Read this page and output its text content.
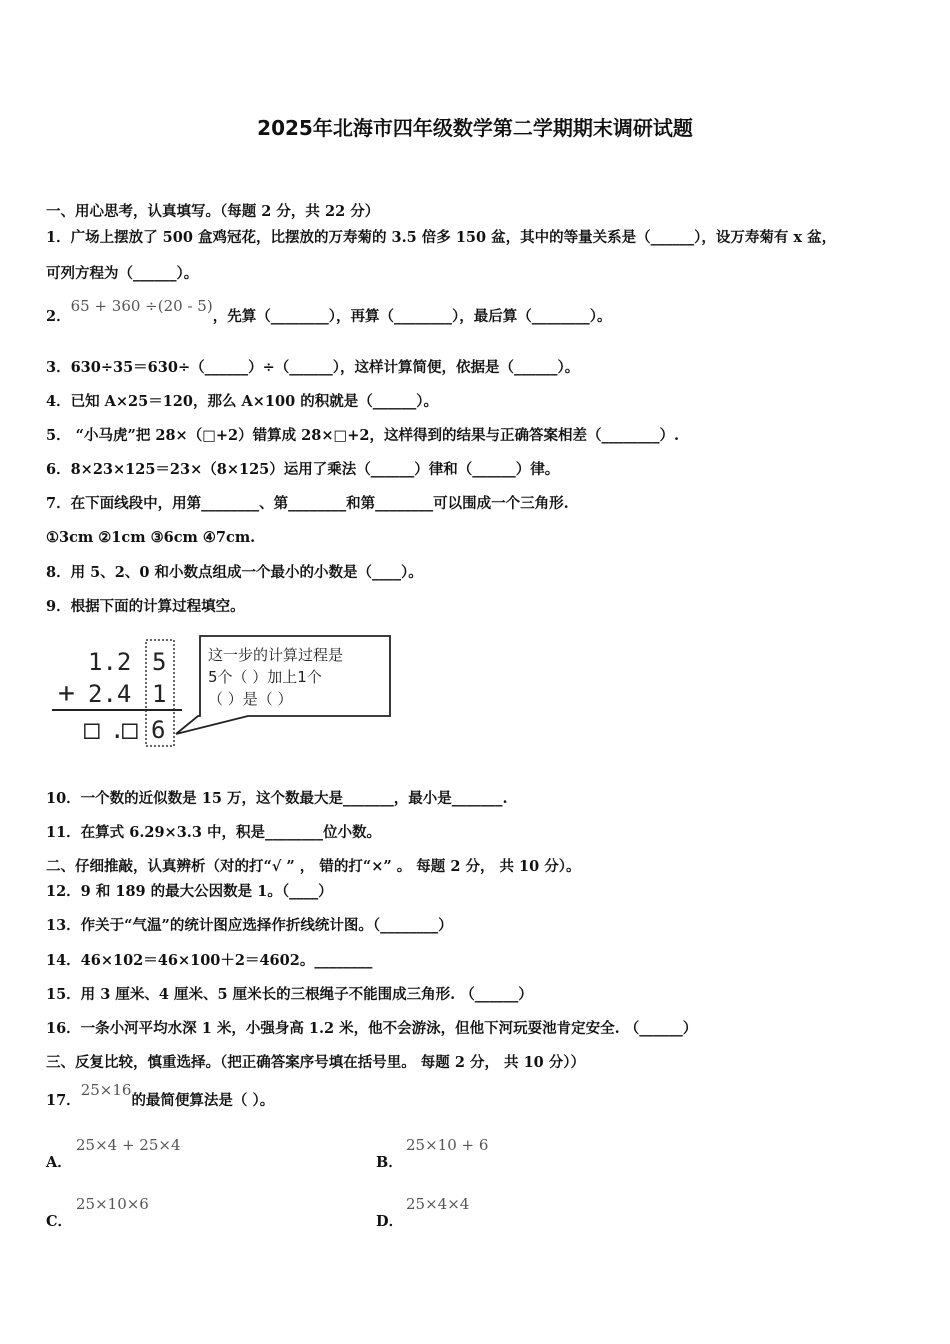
2025年北海市四年级数学第二学期期末调研试题
一、用心思考，认真填写。（每题 2 分，共 22 分）
1．广场上摆放了 500 盒鸡冠花，比摆放的万寿菊的 3.5 倍多 150 盆，其中的等量关系是（______），设万寿菊有 x 盆，
可列方程为（______）。
2．65 + 360 ÷(20 - 5)，先算（________），再算（________），最后算（________）。
3．630÷35＝630÷（______）÷（______），这样计算简便，依据是（______）。
4．已知 A×25＝120，那么 A×100 的积就是（______）。
5． “小马虎”把 28×（□+2）错算成 28×□+2，这样得到的结果与正确答案相差（________）.
6．8×23×125＝23×（8×125）运用了乘法（______）律和（______）律。
7．在下面线段中，用第________、第________和第________可以围成一个三角形.
①3cm ②1cm ③6cm ④7cm.
8．用 5、2、0 和小数点组成一个最小的小数是（____）。
9．根据下面的计算过程填空。
1.2 5
+ 2.4 1
□ .
□ 6
这一步的计算过程是
5个（ ）加上1个
（ ）是（ ）
10．一个数的近似数是 15 万，这个数最大是_______，最小是_______.
11．在算式 6.29×3.3 中，积是________位小数。
二、仔细推敲，认真辨析（对的打“√ ” ， 错的打“×” 。 每题 2 分， 共 10 分）。
12．9 和 189 的最大公因数是 1。（____）
13．作关于“气温”的统计图应选择作折线统计图。（________）
14．46×102＝46×100＋2＝4602。________
15．用 3 厘米、4 厘米、5 厘米长的三根绳子不能围成三角形. （______）
16．一条小河平均水深 1 米，小强身高 1.2 米，他不会游泳，但他下河玩耍池肯定安全. （______）
三、反复比较，慎重选择。（把正确答案序号填在括号里。 每题 2 分， 共 10 分））
17．25×16的最简便算法是（ ）。
A．
25×4 + 25×4
B．
25×10 + 6
C．
25×10×6
D．
25×4×4
